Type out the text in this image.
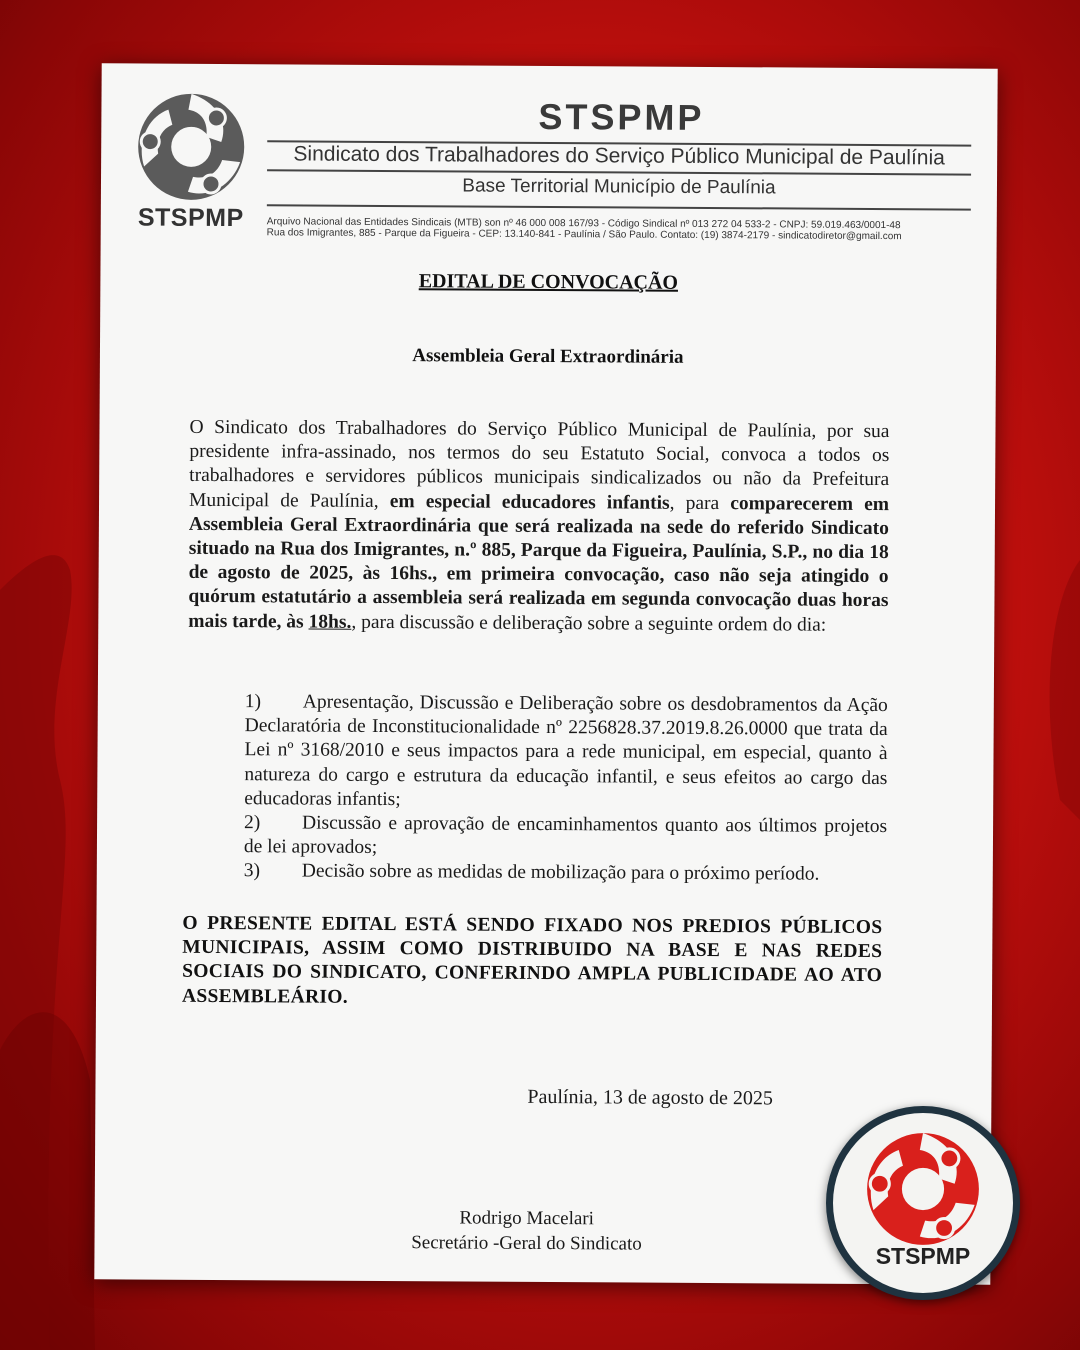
STSPMP
STSPMP
Sindicato dos Trabalhadores do Serviço Público Municipal de Paulínia
Base Territorial Município de Paulínia
Arquivo Nacional das Entidades Sindicais (MTB) son nº 46 000 008 167/93 - Código Sindical nº 013 272 04 533-2 - CNPJ: 59.019.463/0001-48
Rua dos Imigrantes, 885 - Parque da Figueira - CEP: 13.140-841 - Paulínia / São Paulo. Contato: (19) 3874-2179 - sindicatodiretor@gmail.com
EDITAL DE CONVOCAÇÃO
Assembleia Geral Extraordinária
O Sindicato dos Trabalhadores do Serviço Público Municipal de Paulínia, por sua presidente infra-assinado, nos termos do seu Estatuto Social, convoca a todos os trabalhadores e servidores públicos municipais sindicalizados ou não da Prefeitura Municipal de Paulínia, em especial educadores infantis, para comparecerem em Assembleia Geral Extraordinária que será realizada na sede do referido Sindicato situado na Rua dos Imigrantes, n.º 885, Parque da Figueira, Paulínia, S.P., no dia 18 de agosto de 2025, às 16hs., em primeira convocação, caso não seja atingido o quórum estatutário a assembleia será realizada em segunda convocação duas horas mais tarde, às 18hs., para discussão e deliberação sobre a seguinte ordem do dia:
1) Apresentação, Discussão e Deliberação sobre os desdobramentos da Ação Declaratória de Inconstitucionalidade nº 2256828.37.2019.8.26.0000 que trata da Lei nº 3168/2010 e seus impactos para a rede municipal, em especial, quanto à natureza do cargo e estrutura da educação infantil, e seus efeitos ao cargo das educadoras infantis;
2) Discussão e aprovação de encaminhamentos quanto aos últimos projetos de lei aprovados;
3) Decisão sobre as medidas de mobilização para o próximo período.
O PRESENTE EDITAL ESTÁ SENDO FIXADO NOS PREDIOS PÚBLICOS MUNICIPAIS, ASSIM COMO DISTRIBUIDO NA BASE E NAS REDES SOCIAIS DO SINDICATO, CONFERINDO AMPLA PUBLICIDADE AO ATO ASSEMBLEÁRIO.
Paulínia, 13 de agosto de 2025
Rodrigo Macelari
Secretário -Geral do Sindicato	STSPMP
